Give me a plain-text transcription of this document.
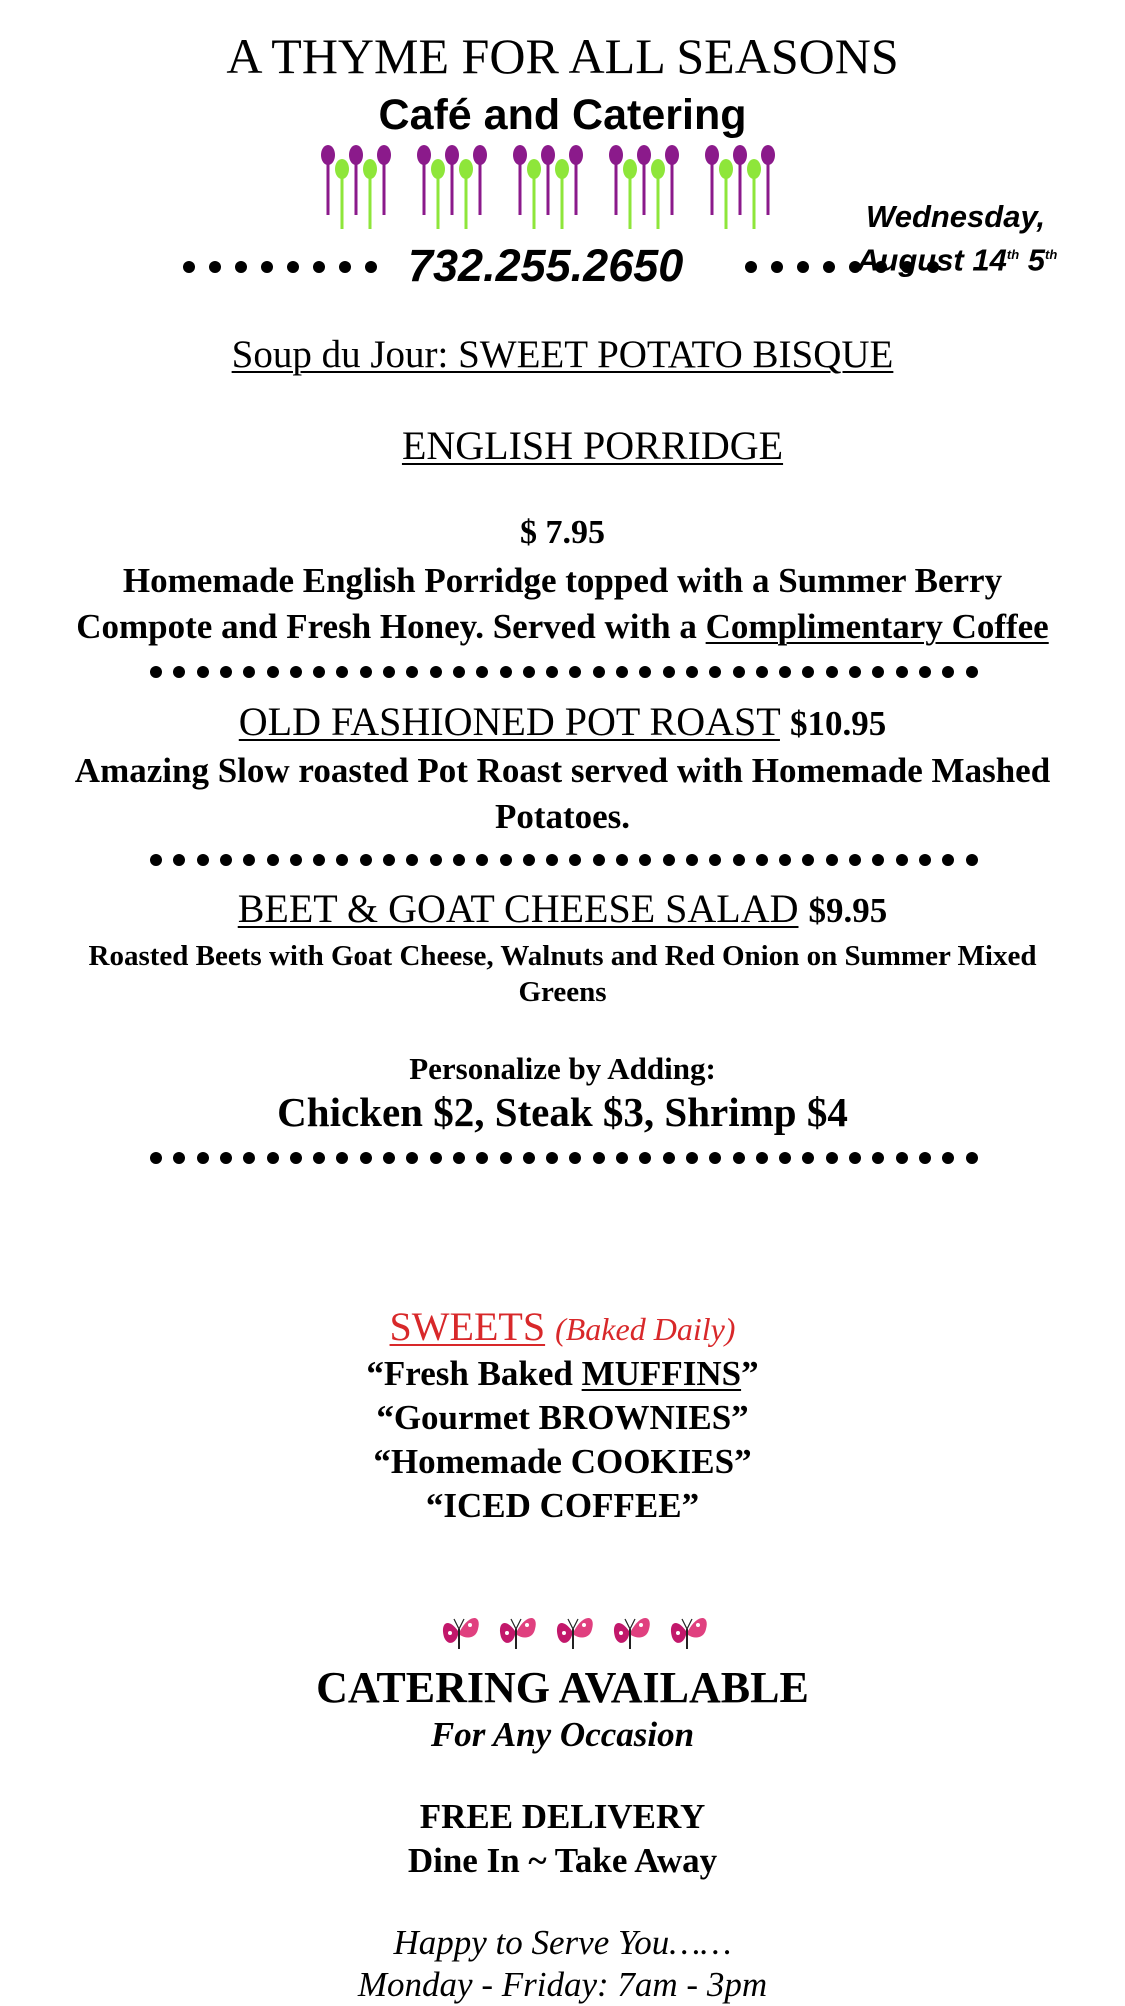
A THYME FOR ALL SEASONS
Café and Catering
732.255.2650
Wednesday,
August 14th 5th
Soup du Jour: SWEET POTATO BISQUE
ENGLISH PORRIDGE
$ 7.95
Homemade English Porridge topped with a Summer Berry
Compote and Fresh Honey. Served with a Complimentary Coffee
OLD FASHIONED POT ROAST $10.95
Amazing Slow roasted Pot Roast served with Homemade Mashed
Potatoes.
BEET & GOAT CHEESE SALAD $9.95
Roasted Beets with Goat Cheese, Walnuts and Red Onion on Summer Mixed
Greens
Personalize by Adding:
Chicken $2, Steak $3, Shrimp $4
SWEETS (Baked Daily)
“Fresh Baked MUFFINS”
“Gourmet BROWNIES”
“Homemade COOKIES”
“ICED COFFEE”
CATERING AVAILABLE
For Any Occasion
FREE DELIVERY
Dine In ~ Take Away
Happy to Serve You……
Monday - Friday: 7am - 3pm
